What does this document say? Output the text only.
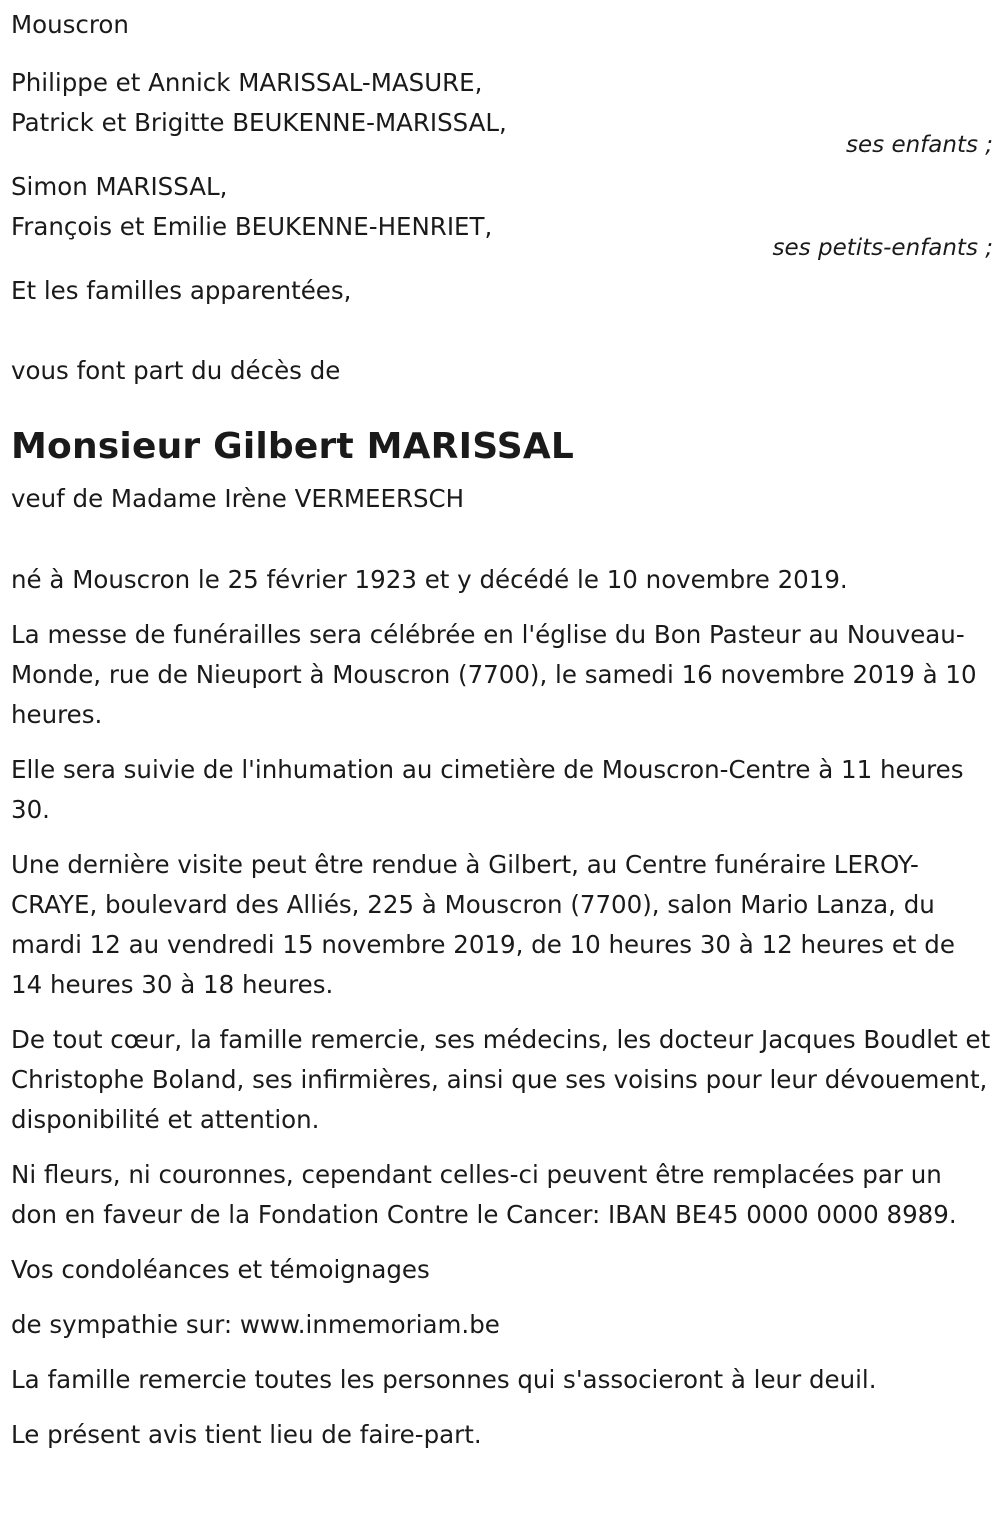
Mouscron
Philippe et Annick MARISSAL-MASURE,
Patrick et Brigitte BEUKENNE-MARISSAL,
ses enfants ;
Simon MARISSAL,
François et Emilie BEUKENNE-HENRIET,
ses petits-enfants ;
Et les familles apparentées,
vous font part du décès de
Monsieur Gilbert MARISSAL
veuf de Madame Irène VERMEERSCH

né à Mouscron le 25 février 1923 et y décédé le 10 novembre 2019.

La messe de funérailles sera célébrée en l'église du Bon Pasteur au Nouveau-Monde, rue de Nieuport à Mouscron (7700), le samedi 16 novembre 2019 à 10 heures.

Elle sera suivie de l'inhumation au cimetière de Mouscron-Centre à 11 heures 30.

Une dernière visite peut être rendue à Gilbert, au Centre funéraire LEROY-CRAYE, boulevard des Alliés, 225 à Mouscron (7700), salon Mario Lanza, du mardi 12 au vendredi 15 novembre 2019, de 10 heures 30 à 12 heures et de 14 heures 30 à 18 heures.

De tout cœur, la famille remercie, ses médecins, les docteur Jacques Boudlet et Christophe Boland, ses infirmières, ainsi que ses voisins pour leur dévouement, disponibilité et attention.

Ni fleurs, ni couronnes, cependant celles-ci peuvent être remplacées par un don en faveur de la Fondation Contre le Cancer: IBAN BE45 0000 0000 8989.

Vos condoléances et témoignages

de sympathie sur: www.inmemoriam.be

La famille remercie toutes les personnes qui s'associeront à leur deuil.

Le présent avis tient lieu de faire-part.
